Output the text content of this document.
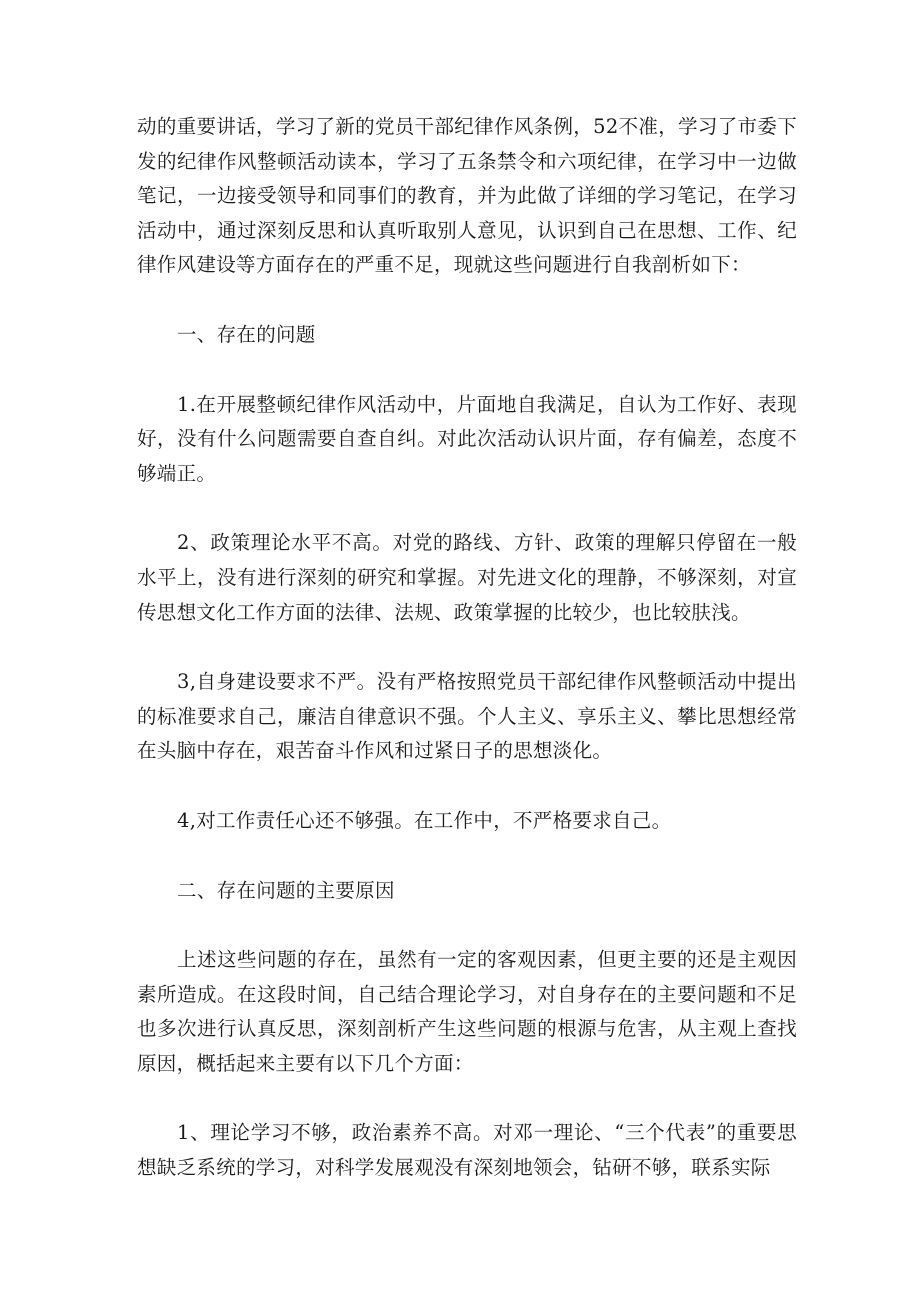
动的重要讲话，学习了新的党员干部纪律作风条例，52不准，学习了市委下发的纪律作风整顿活动读本，学习了五条禁令和六项纪律，在学习中一边做笔记，一边接受领导和同事们的教育，并为此做了详细的学习笔记，在学习活动中，通过深刻反思和认真听取别人意见，认识到自己在思想、工作、纪律作风建设等方面存在的严重不足，现就这些问题进行自我剖析如下：

一、存在的问题

1.在开展整顿纪律作风活动中，片面地自我满足，自认为工作好、表现好，没有什么问题需要自查自纠。对此次活动认识片面，存有偏差，态度不够端正。

2、政策理论水平不高。对党的路线、方针、政策的理解只停留在一般水平上，没有进行深刻的研究和掌握。对先进文化的理静，不够深刻，对宣传思想文化工作方面的法律、法规、政策掌握的比较少，也比较肤浅。

3,自身建设要求不严。没有严格按照党员干部纪律作风整顿活动中提出的标准要求自己，廉洁自律意识不强。个人主义、享乐主义、攀比思想经常在头脑中存在，艰苦奋斗作风和过紧日子的思想淡化。

4,对工作责任心还不够强。在工作中，不严格要求自己。

二、存在问题的主要原因

上述这些问题的存在，虽然有一定的客观因素，但更主要的还是主观因素所造成。在这段时间，自己结合理论学习，对自身存在的主要问题和不足也多次进行认真反思，深刻剖析产生这些问题的根源与危害，从主观上查找原因，概括起来主要有以下几个方面：

1、理论学习不够，政治素养不高。对邓一理论、“三个代表”的重要思想缺乏系统的学习，对科学发展观没有深刻地领会，钻研不够，联系实际
